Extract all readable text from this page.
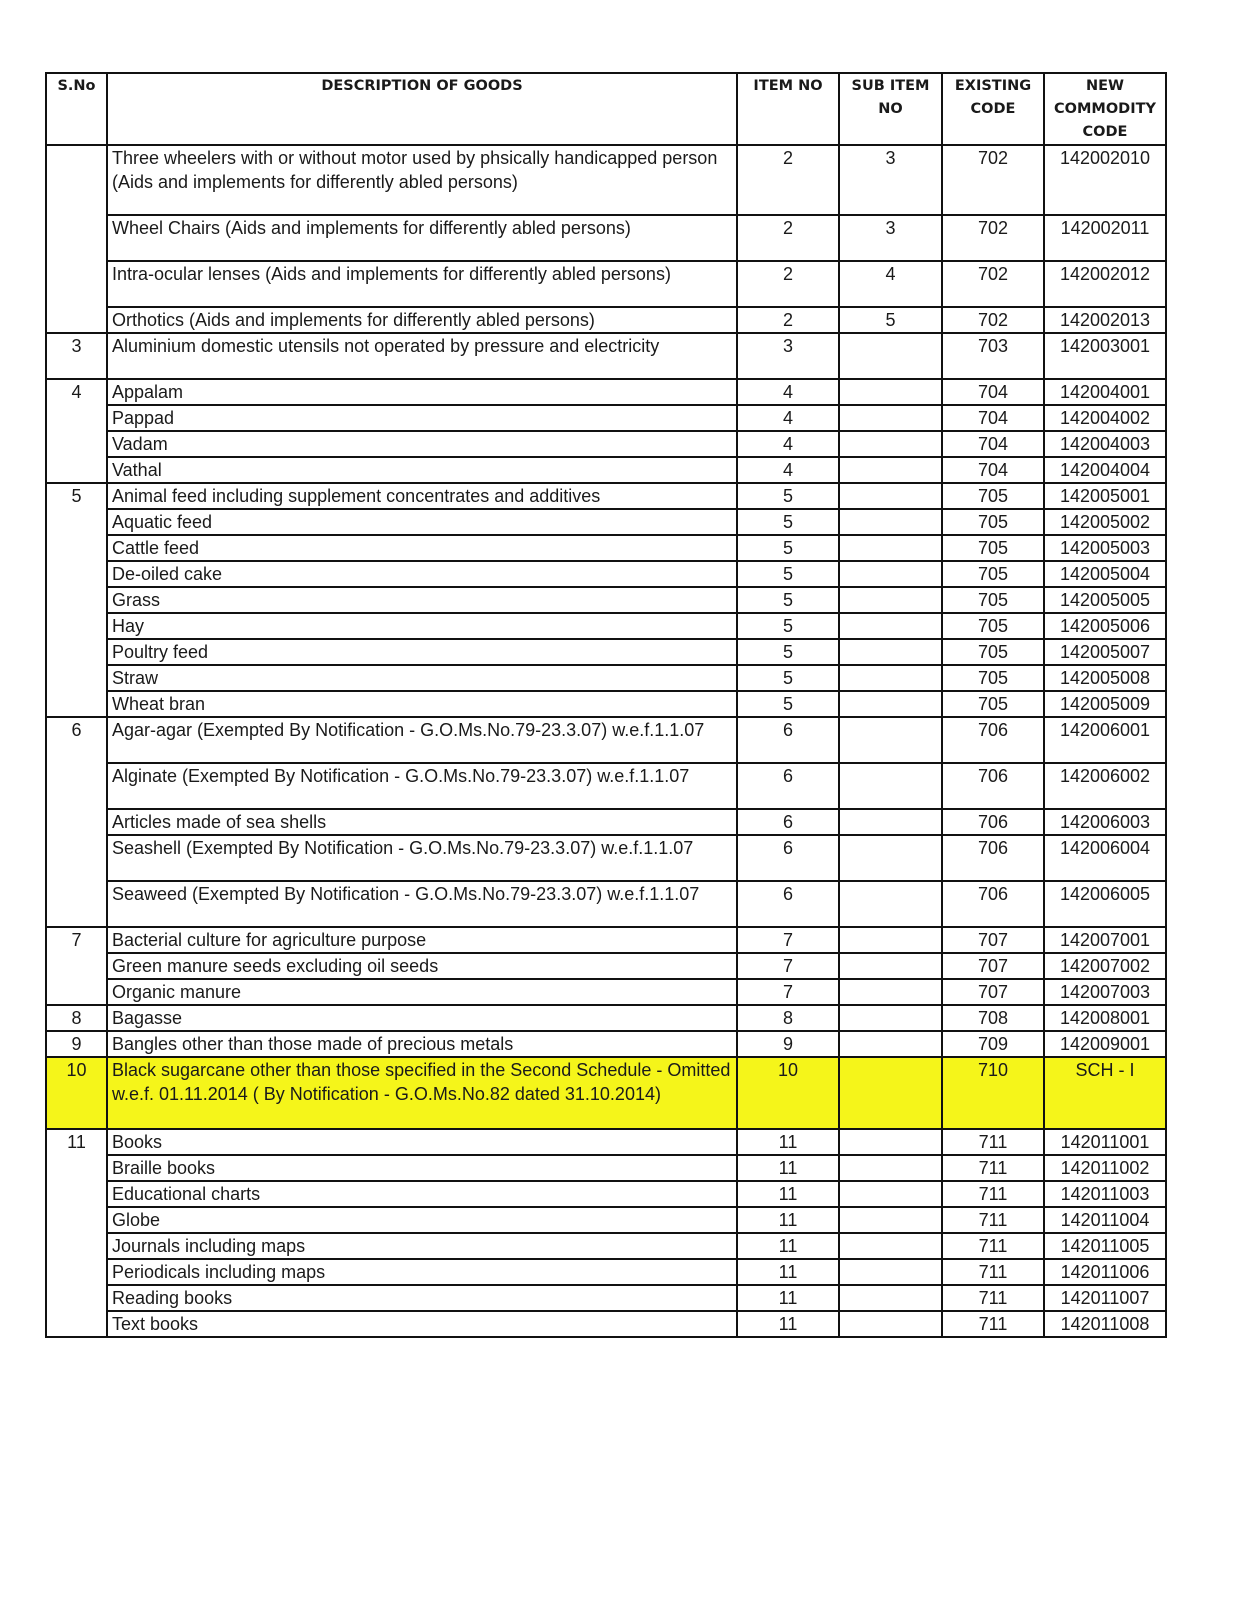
S.No	DESCRIPTION OF GOODS	ITEM NO	SUB ITEM NO	EXISTING CODE	NEW COMMODITY CODE
	Three wheelers with or without motor used by phsically handicapped person (Aids and implements for differently abled persons)	2	3	702	142002010
	Wheel Chairs (Aids and implements for differently abled persons)	2	3	702	142002011
	Intra-ocular lenses (Aids and implements for differently abled persons)	2	4	702	142002012
	Orthotics (Aids and implements for differently abled persons)	2	5	702	142002013
3	Aluminium domestic utensils not operated by pressure and electricity	3		703	142003001
4	Appalam	4		704	142004001
	Pappad	4		704	142004002
	Vadam	4		704	142004003
	Vathal	4		704	142004004
5	Animal feed including supplement concentrates and additives	5		705	142005001
	Aquatic feed	5		705	142005002
	Cattle feed	5		705	142005003
	De-oiled cake	5		705	142005004
	Grass	5		705	142005005
	Hay	5		705	142005006
	Poultry feed	5		705	142005007
	Straw	5		705	142005008
	Wheat bran	5		705	142005009
6	Agar-agar (Exempted By Notification - G.O.Ms.No.79-23.3.07) w.e.f.1.1.07	6		706	142006001
	Alginate (Exempted By Notification - G.O.Ms.No.79-23.3.07) w.e.f.1.1.07	6		706	142006002
	Articles made of sea shells	6		706	142006003
	Seashell (Exempted By Notification - G.O.Ms.No.79-23.3.07) w.e.f.1.1.07	6		706	142006004
	Seaweed (Exempted By Notification - G.O.Ms.No.79-23.3.07) w.e.f.1.1.07	6		706	142006005
7	Bacterial culture for agriculture purpose	7		707	142007001
	Green manure seeds excluding oil seeds	7		707	142007002
	Organic manure	7		707	142007003
8	Bagasse	8		708	142008001
9	Bangles other than those made of precious metals	9		709	142009001
10	Black sugarcane other than those specified in the Second Schedule - Omitted w.e.f. 01.11.2014 ( By Notification - G.O.Ms.No.82 dated 31.10.2014)	10		710	SCH - I
11	Books	11		711	142011001
	Braille books	11		711	142011002
	Educational charts	11		711	142011003
	Globe	11		711	142011004
	Journals including maps	11		711	142011005
	Periodicals including maps	11		711	142011006
	Reading books	11		711	142011007
	Text books	11		711	142011008
